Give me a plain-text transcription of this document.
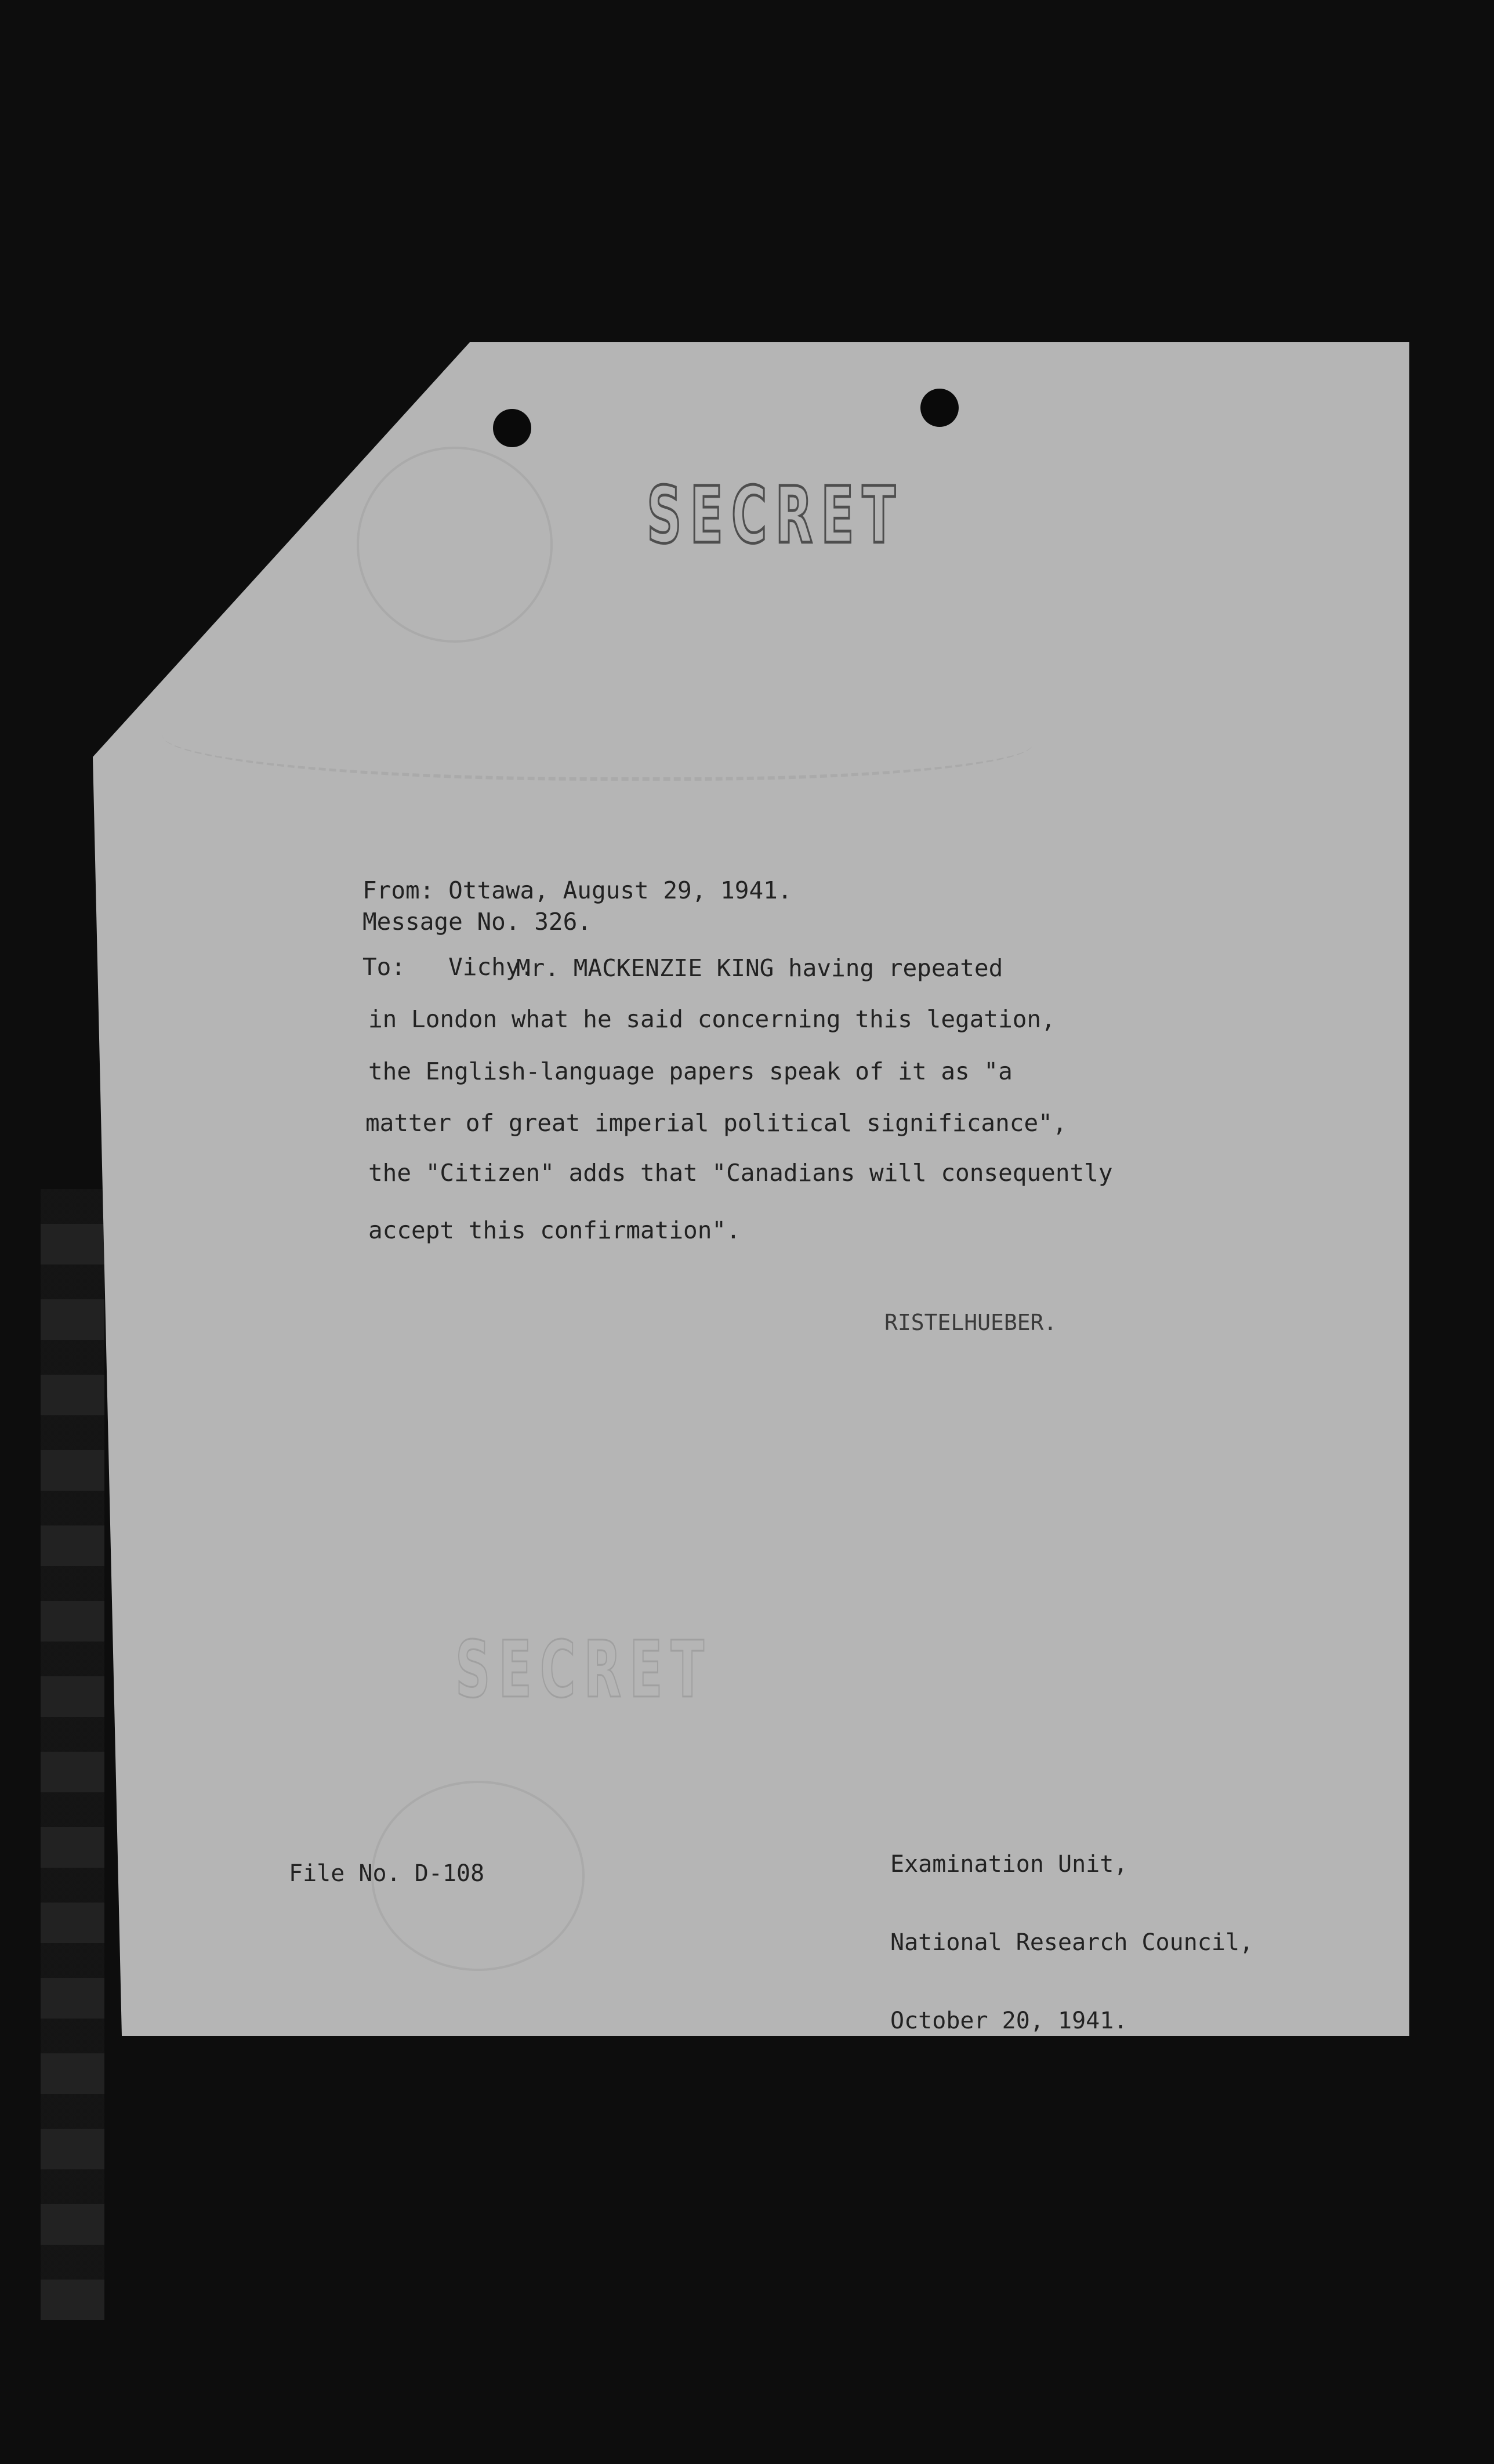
SECRET
SECRET

From: Ottawa, August 29, 1941.

To: Vichy.

Message No. 326.
Mr. MACKENZIE KING having repeated
in London what he said concerning this legation,
the English-language papers speak of it as "a
matter of great imperial political significance",
the "Citizen" adds that "Canadians will consequently
accept this confirmation".
RISTELHUEBER.
File No. D-108

	Examination Unit,

National Research Council,

October 20, 1941.
